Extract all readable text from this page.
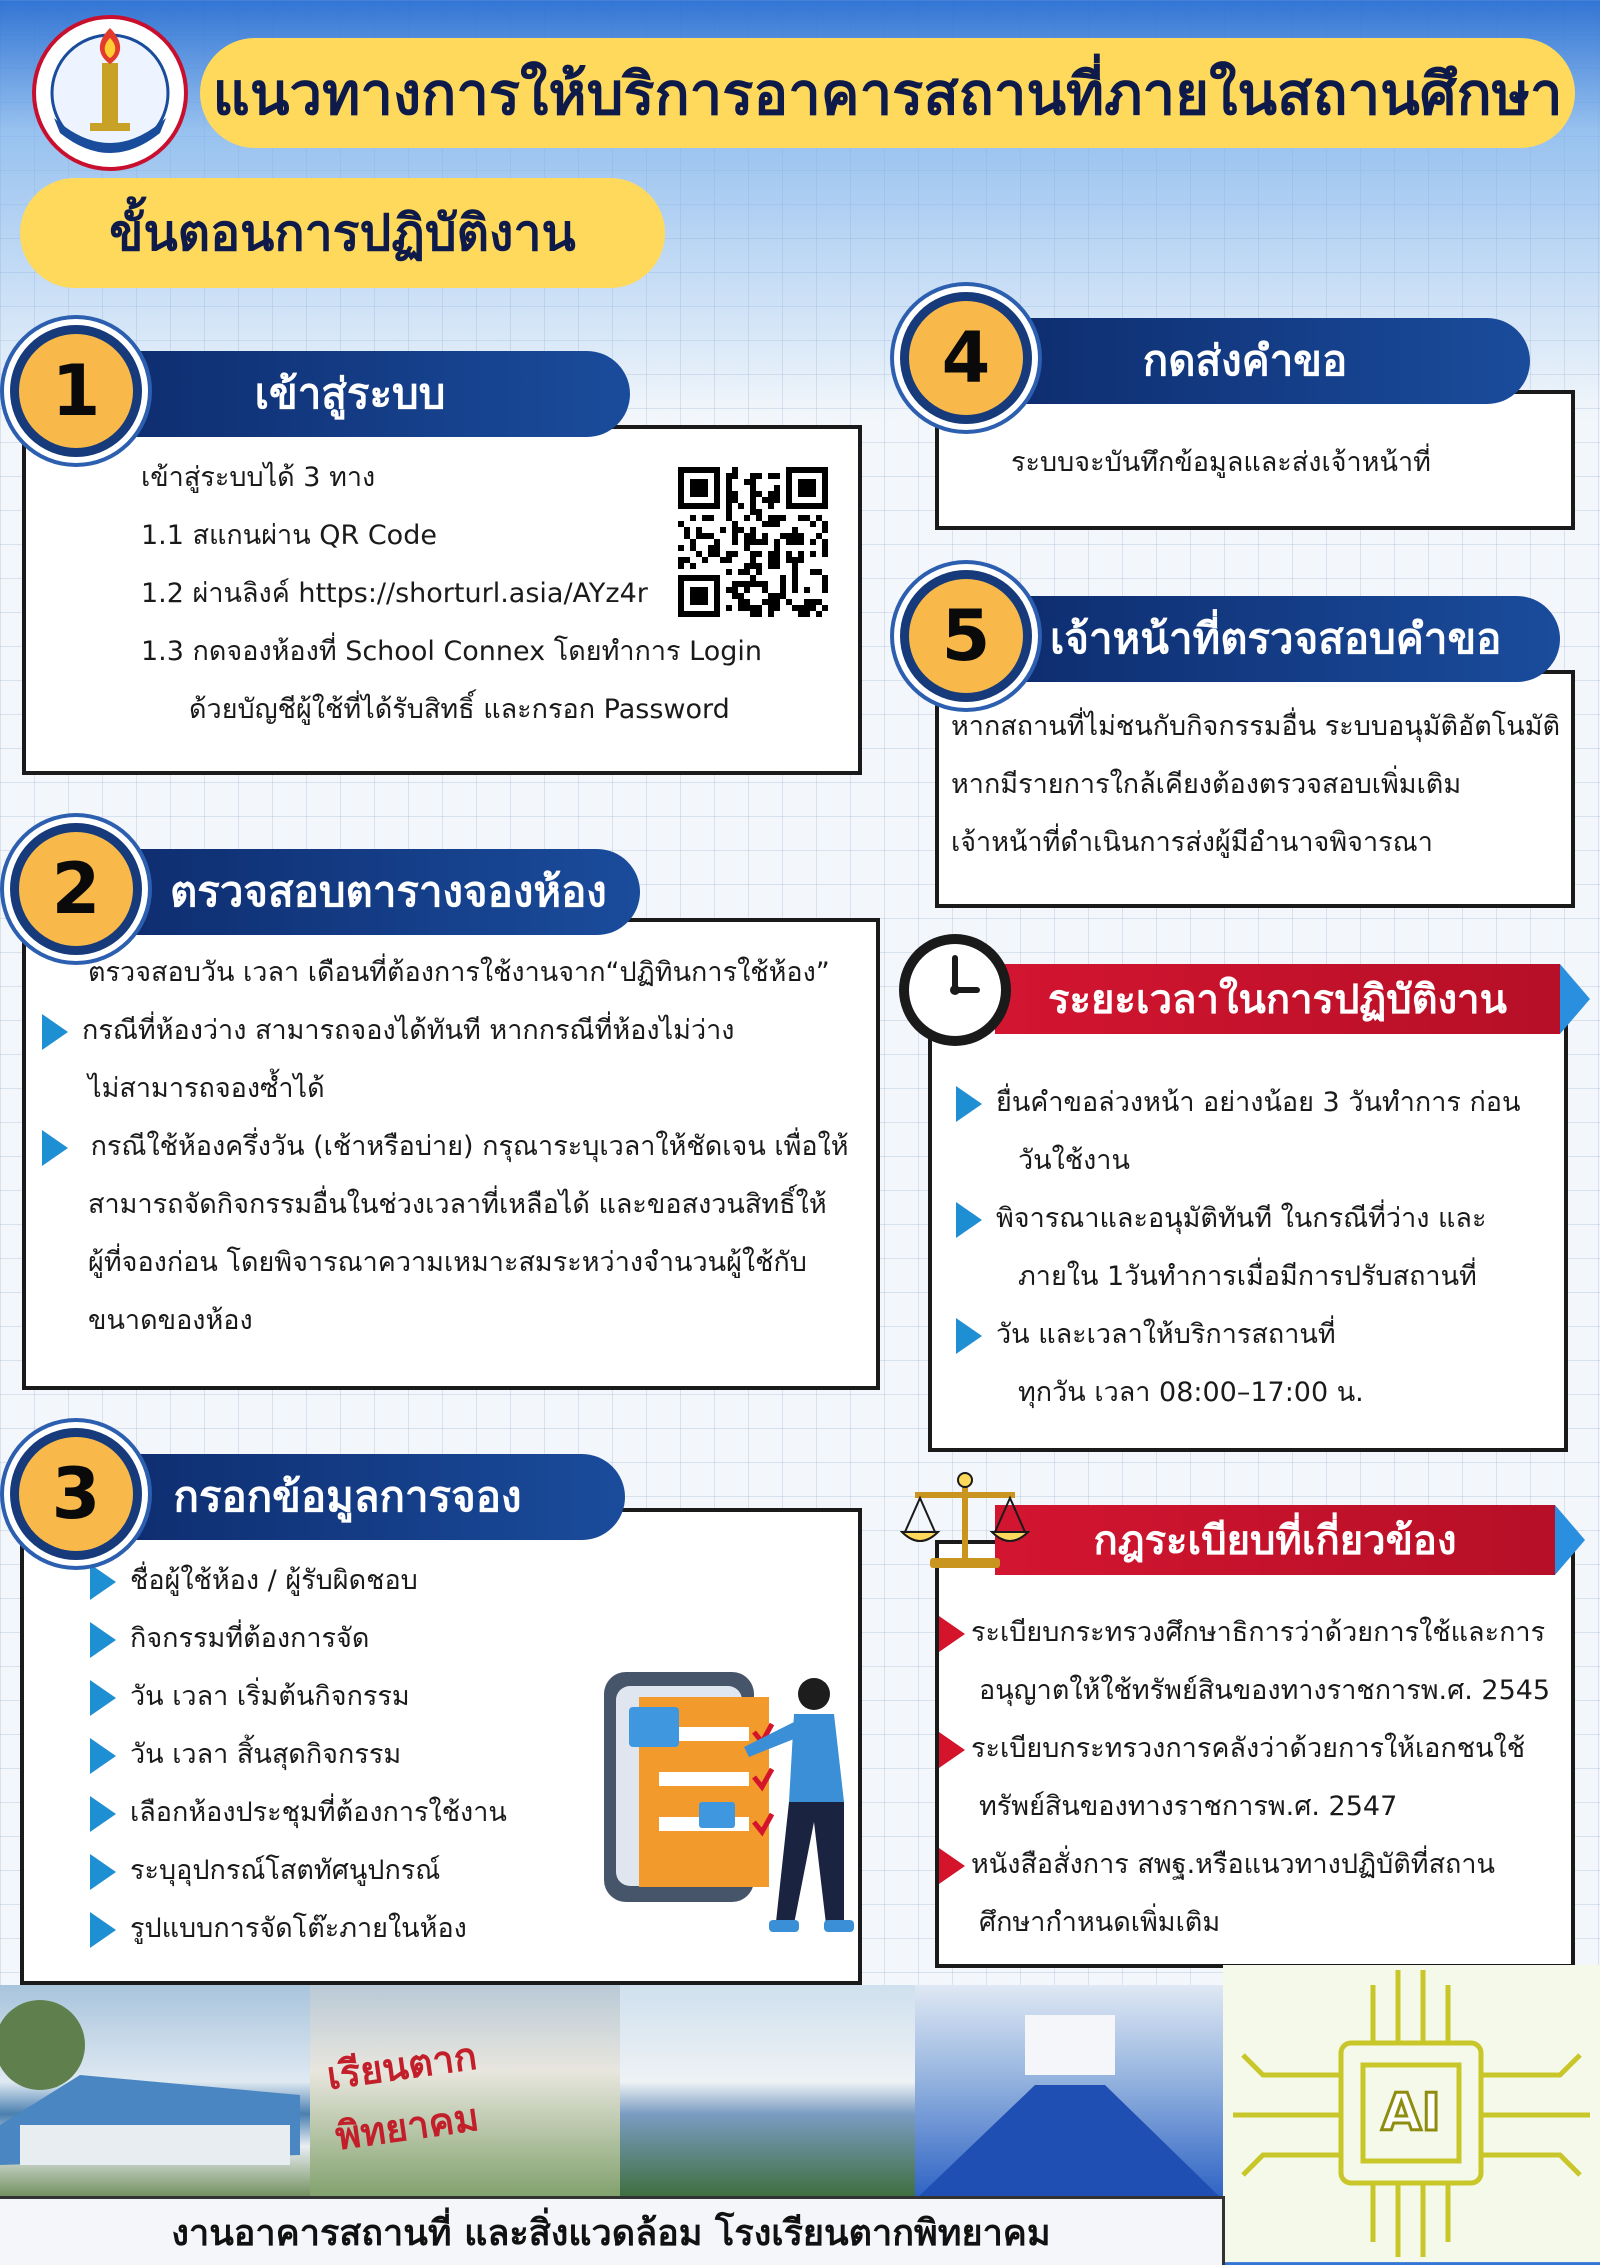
แนวทางการให้บริการอาคารสถานที่ภายในสถานศึกษา
ขั้นตอนการปฏิบัติงาน
เข้าสู่ระบบได้ 3 ทาง
1.1 สแกนผ่าน QR Code
1.2 ผ่านลิงค์ https://shorturl.asia/AYz4r
1.3 กดจองห้องที่ School Connex โดยทำการ Login
ด้วยบัญชีผู้ใช้ที่ได้รับสิทธิ์ และกรอก Password
เข้าสู่ระบบ
1
ตรวจสอบวัน เวลา เดือนที่ต้องการใช้งานจาก“ปฏิทินการใช้ห้อง”
กรณีที่ห้องว่าง สามารถจองได้ทันที หากกรณีที่ห้องไม่ว่าง
ไม่สามารถจองซ้ำได้
กรณีใช้ห้องครึ่งวัน (เช้าหรือบ่าย) กรุณาระบุเวลาให้ชัดเจน เพื่อให้
สามารถจัดกิจกรรมอื่นในช่วงเวลาที่เหลือได้ และขอสงวนสิทธิ์ให้
ผู้ที่จองก่อน โดยพิจารณาความเหมาะสมระหว่างจำนวนผู้ใช้กับ
ขนาดของห้อง
ตรวจสอบตารางจองห้อง
2
ชื่อผู้ใช้ห้อง / ผู้รับผิดชอบ
กิจกรรมที่ต้องการจัด
วัน เวลา เริ่มต้นกิจกรรม
วัน เวลา สิ้นสุดกิจกรรม
เลือกห้องประชุมที่ต้องการใช้งาน
ระบุอุปกรณ์โสตทัศนูปกรณ์
รูปแบบการจัดโต๊ะภายในห้อง
กรอกข้อมูลการจอง
3
ระบบจะบันทึกข้อมูลและส่งเจ้าหน้าที่
กดส่งคำขอ
4
หากสถานที่ไม่ชนกับกิจกรรมอื่น ระบบอนุมัติอัตโนมัติ
หากมีรายการใกล้เคียงต้องตรวจสอบเพิ่มเติม
เจ้าหน้าที่ดำเนินการส่งผู้มีอำนาจพิจารณา
เจ้าหน้าที่ตรวจสอบคำขอ
5
ยื่นคำขอล่วงหน้า อย่างน้อย 3 วันทำการ ก่อน
วันใช้งาน
พิจารณาและอนุมัติทันที ในกรณีที่ว่าง และ
ภายใน 1วันทำการเมื่อมีการปรับสถานที่
วัน และเวลาให้บริการสถานที่
ทุกวัน เวลา 08:00–17:00 น.
ระยะเวลาในการปฏิบัติงาน
ระเบียบกระทรวงศึกษาธิการว่าด้วยการใช้และการ
อนุญาตให้ใช้ทรัพย์สินของทางราชการพ.ศ. 2545
ระเบียบกระทรวงการคลังว่าด้วยการให้เอกชนใช้
ทรัพย์สินของทางราชการพ.ศ. 2547
หนังสือสั่งการ สพฐ.หรือแนวทางปฏิบัติที่สถาน
ศึกษากำหนดเพิ่มเติม
กฎระเบียบที่เกี่ยวข้อง
เรียนตากพิทยาคม	AI
งานอาคารสถานที่ และสิ่งแวดล้อม โรงเรียนตากพิทยาคม
